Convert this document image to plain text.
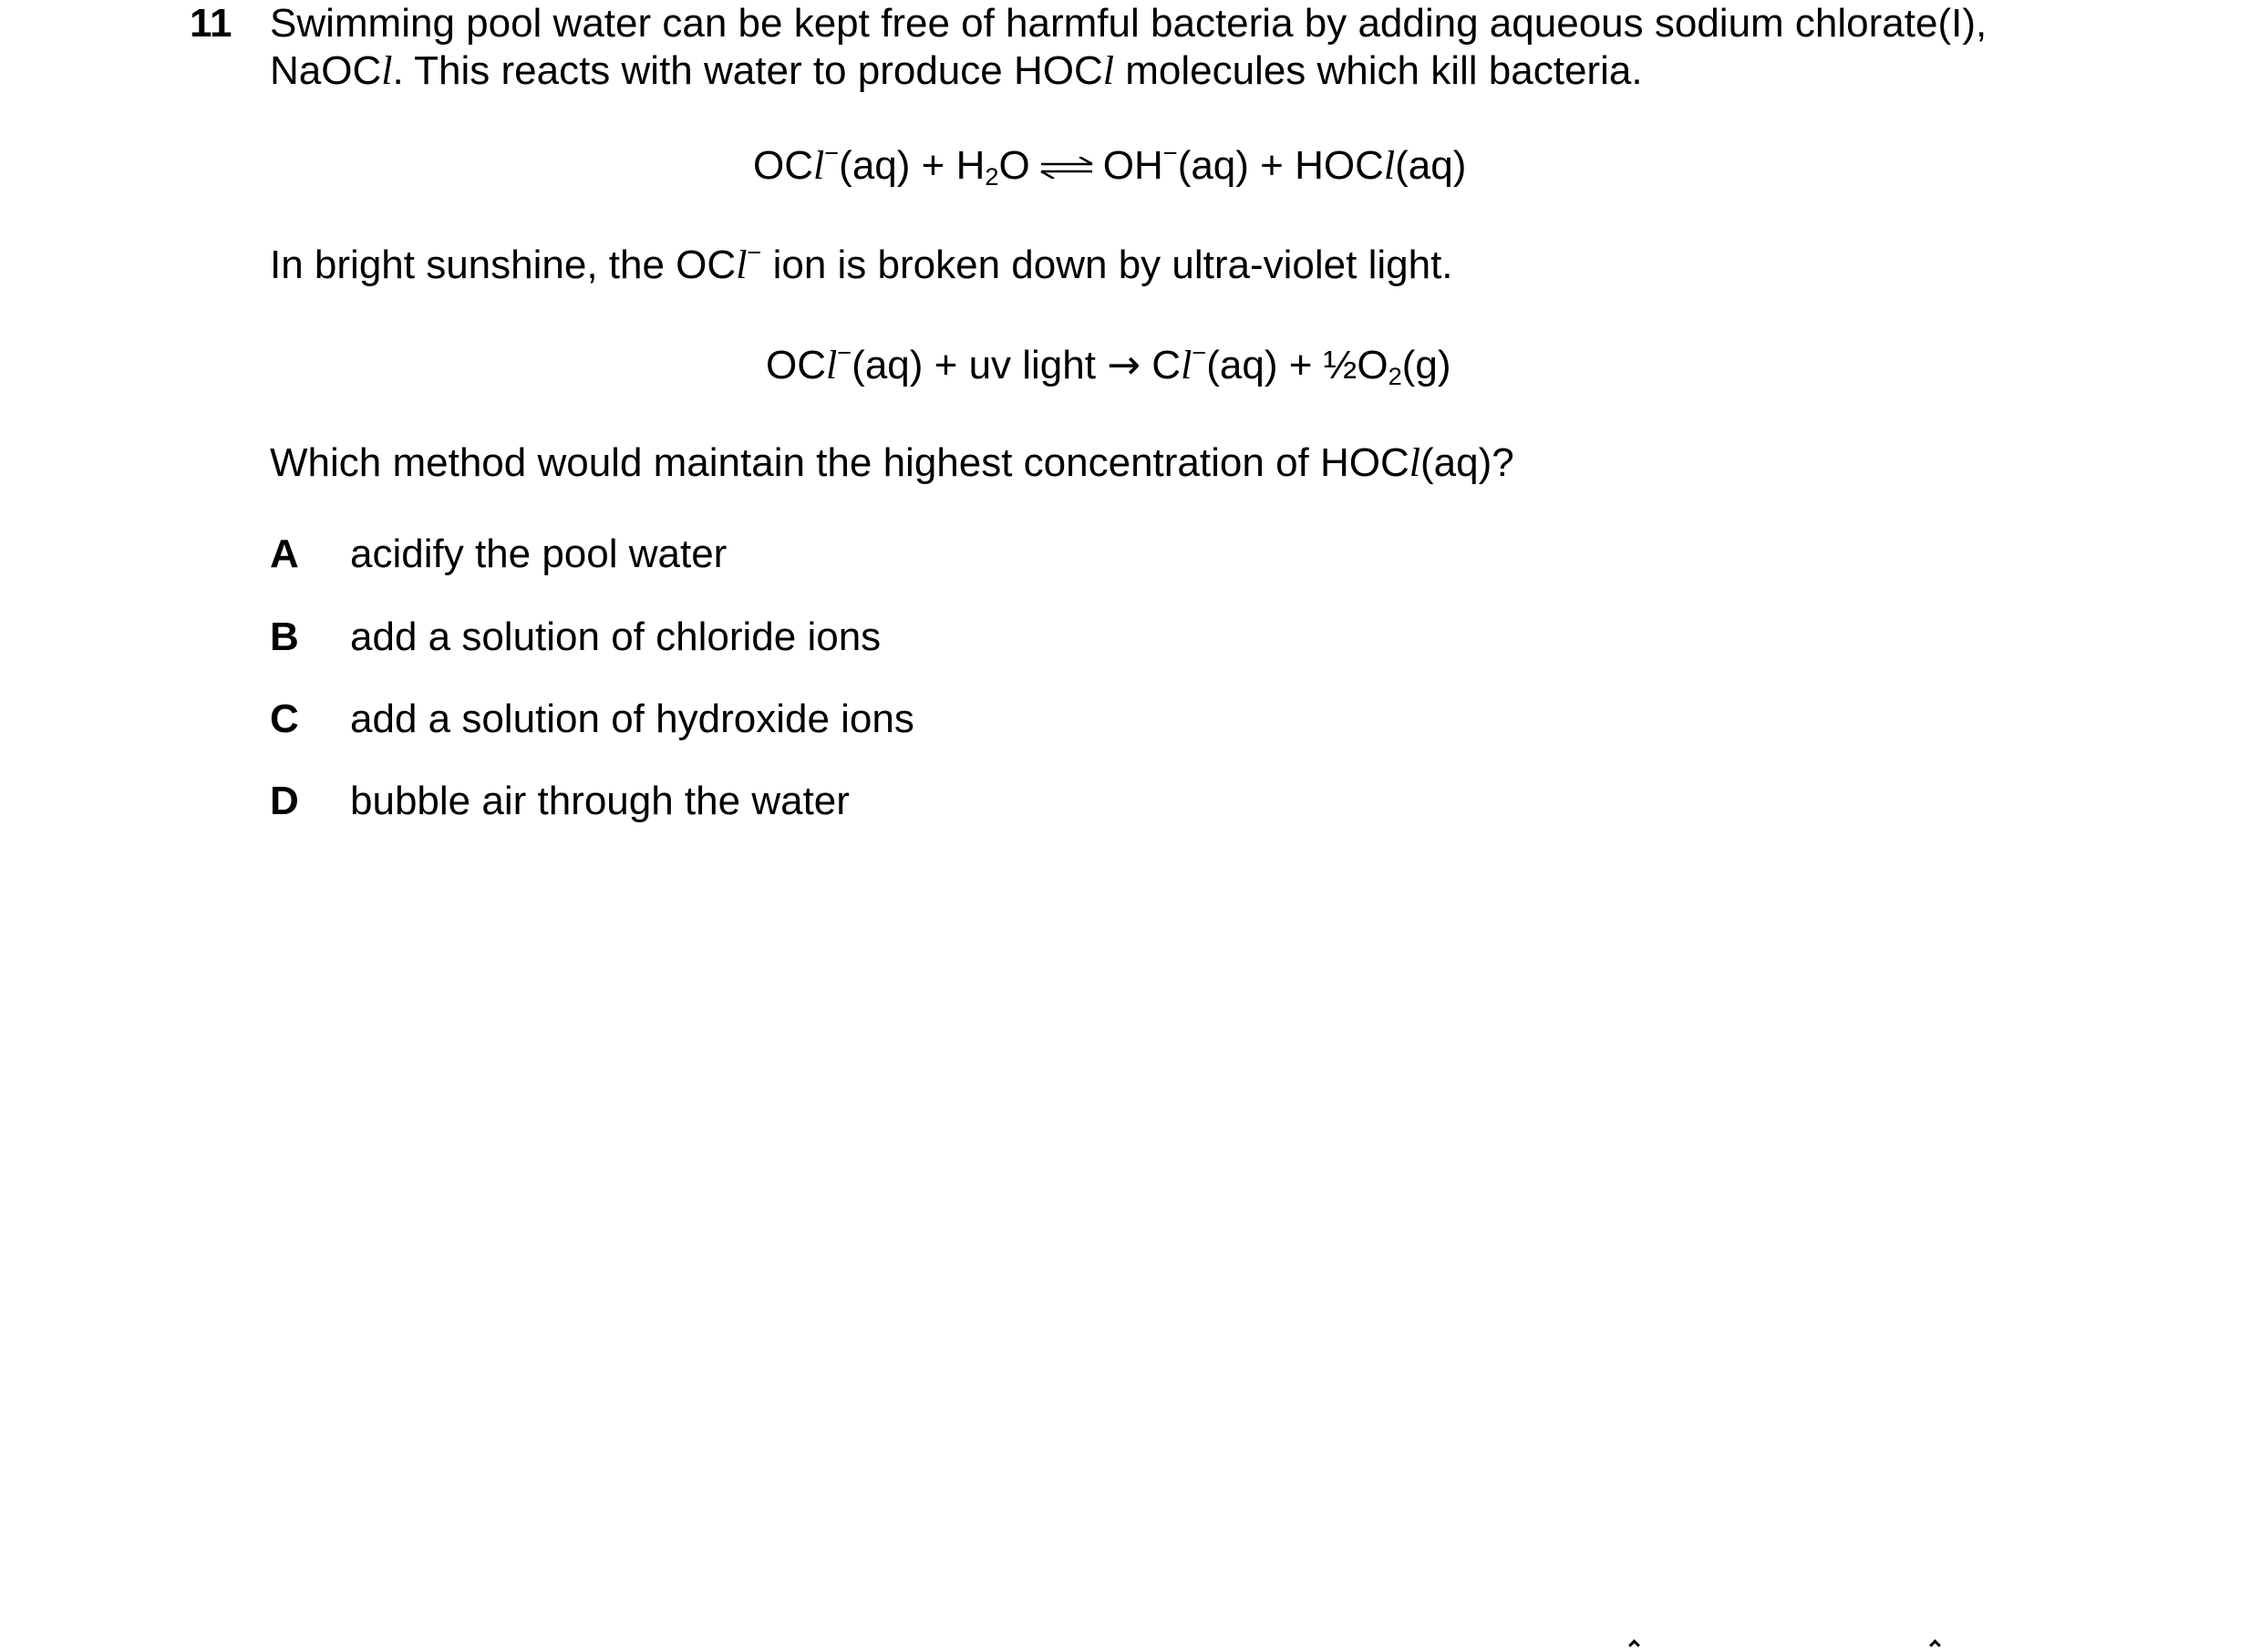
11 Swimming pool water can be kept free of harmful bacteria by adding aqueous sodium chlorate(I),
NaOCl. This reacts with water to produce HOCl molecules which kill bacteria.
$OCl^-(aq) + H_2O$ ⇌ OH−(aq) + HOCl(aq)
In bright sunshine, the OCl− ion is broken down by ultra-violet light.
OCl−(aq) + uv light → $Cl^-(aq) + \frac{1}{2}O_2(g)$
Which method would maintain the highest concentration of HOCl(aq)?
A acidify the pool water
B add a solution of chloride ions
C add a solution of hydroxide ions
D bubble air through the water
